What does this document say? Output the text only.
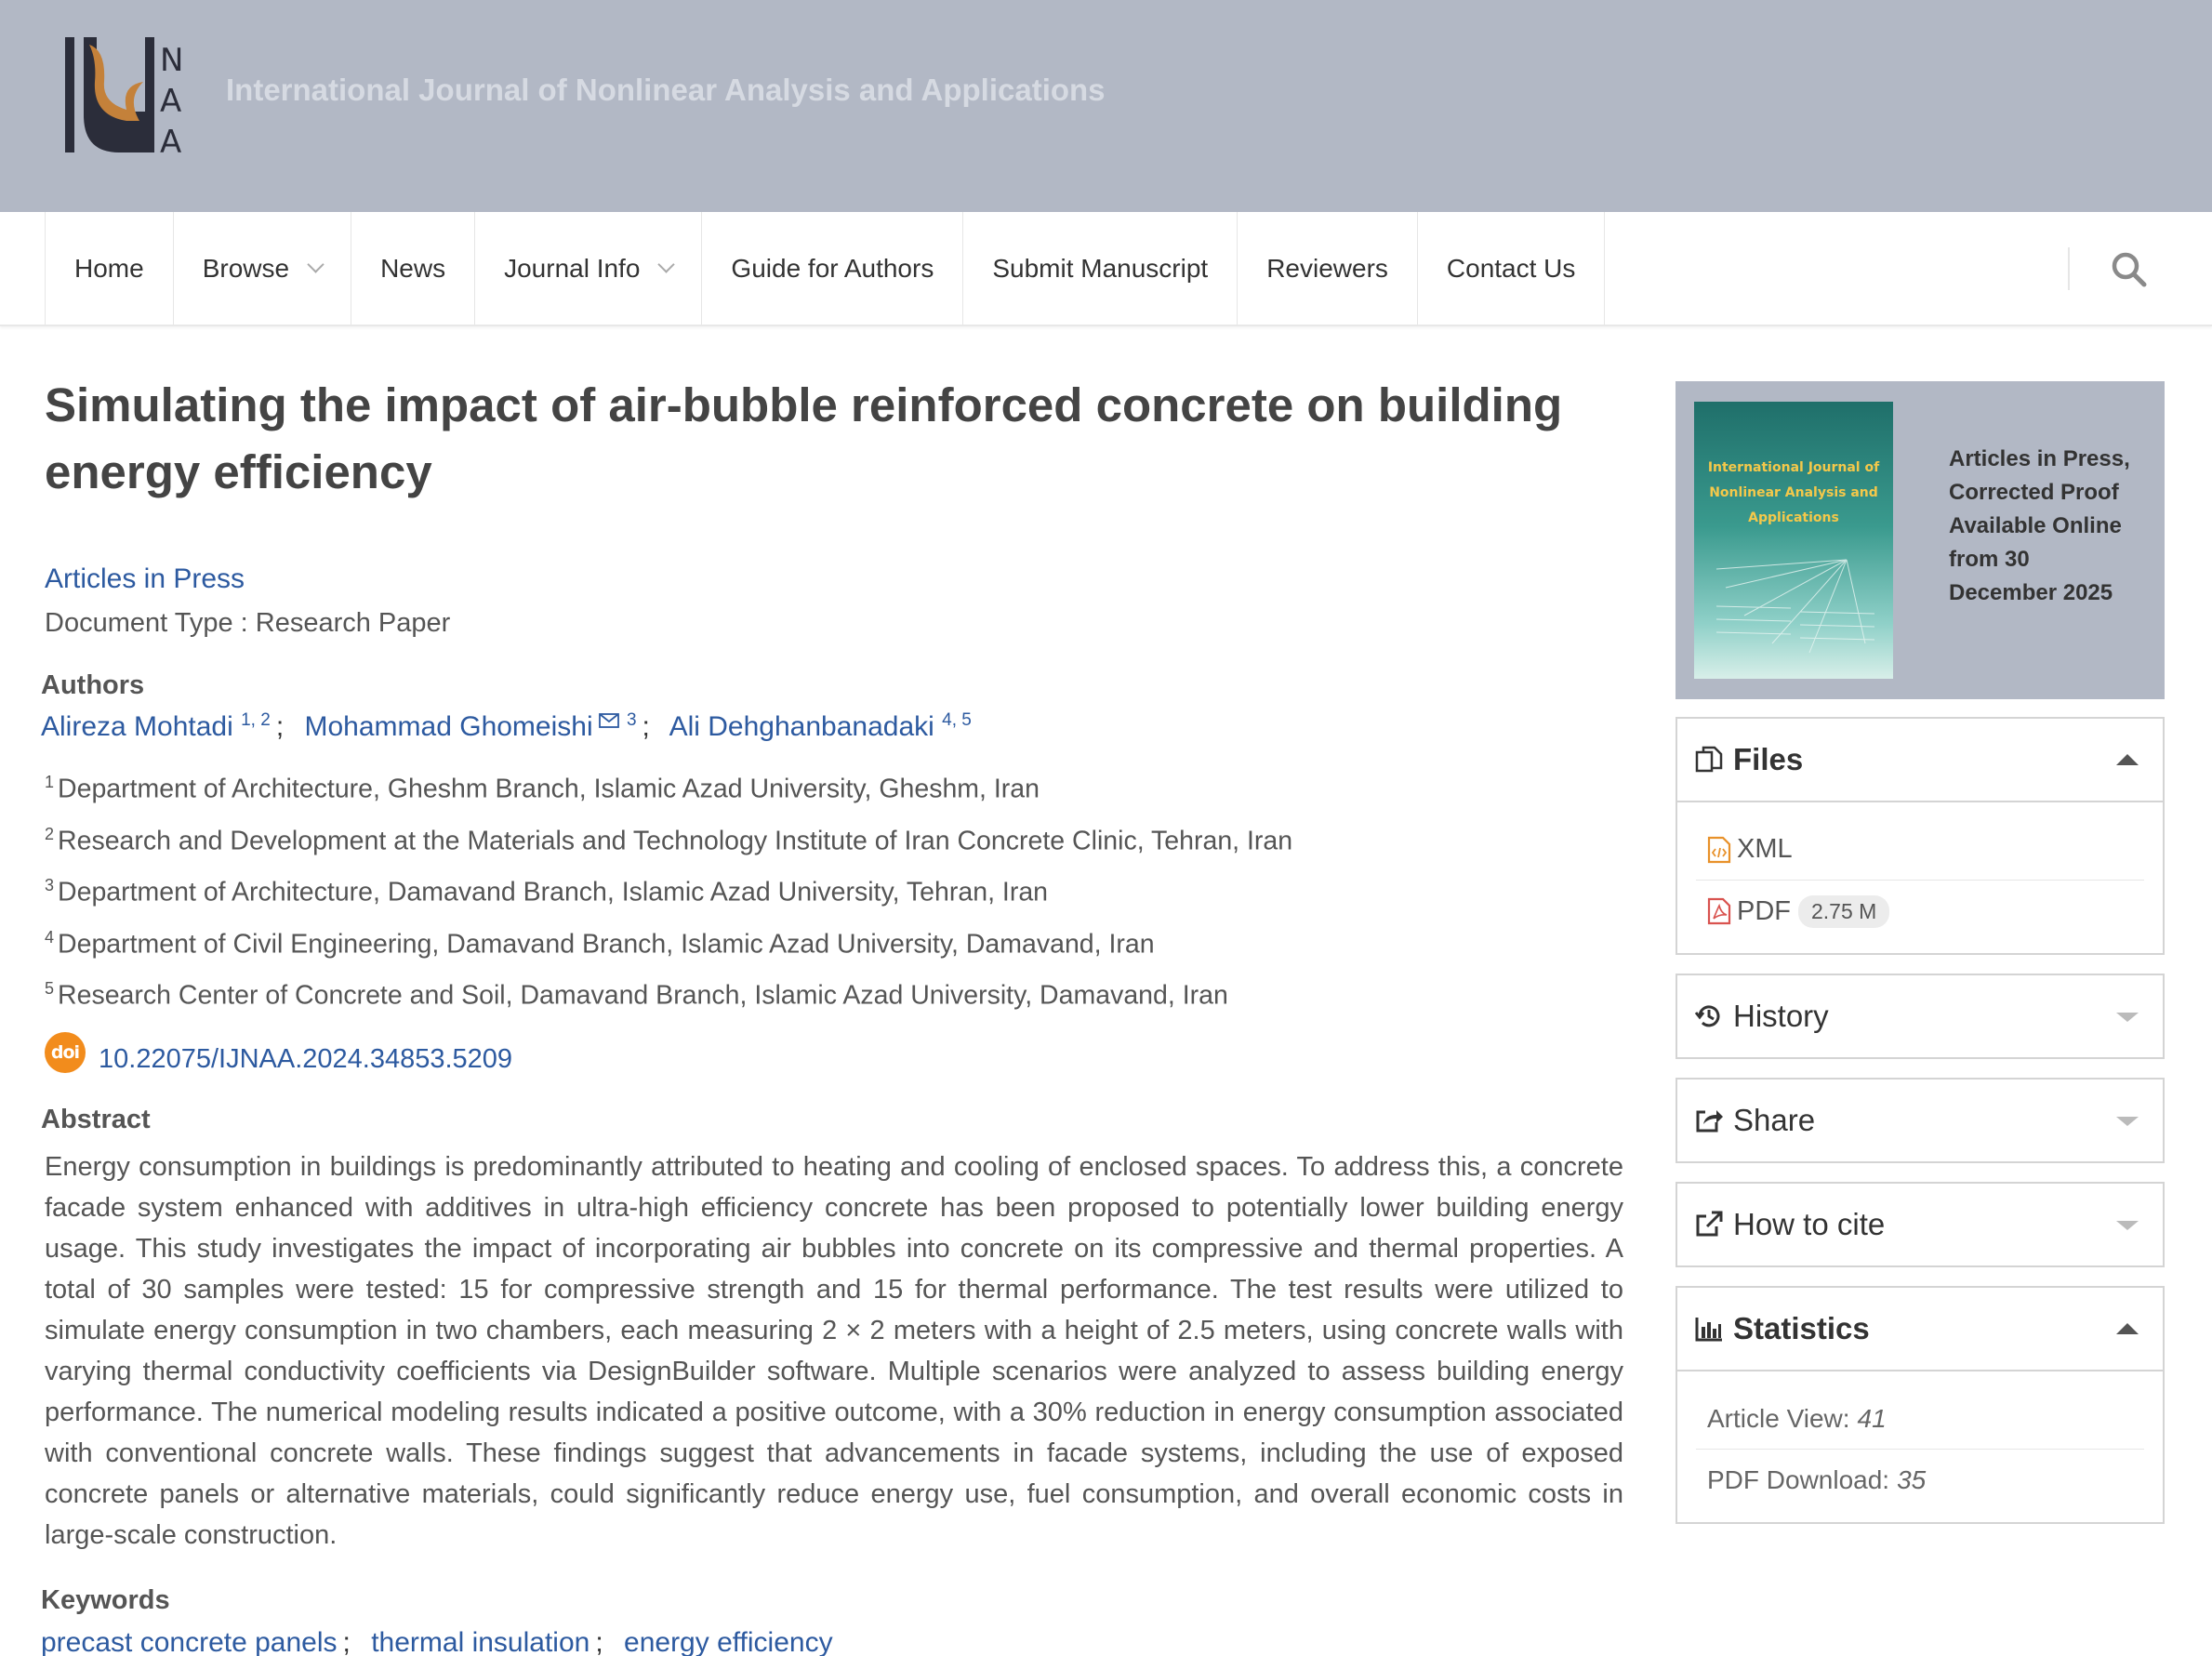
N
A
A
International Journal of Nonlinear Analysis and Applications
Home Browse	News Journal Info	Guide for Authors Submit Manuscript Reviewers Contact Us
Simulating the impact of air-bubble reinforced concrete on building energy efficiency
Articles in Press
Document Type : Research Paper
Authors
Alireza Mohtadi $^{1, 2}$ ; Mohammad Ghomeishi $^3$ ; Ali Dehghanbanadaki $^{4, 5}$
$^1$ Department of Architecture, Gheshm Branch, Islamic Azad University, Gheshm, Iran
$^2$ Research and Development at the Materials and Technology Institute of Iran Concrete Clinic, Tehran, Iran
$^3$ Department of Architecture, Damavand Branch, Islamic Azad University, Tehran, Iran
$^4$ Department of Civil Engineering, Damavand Branch, Islamic Azad University, Damavand, Iran
$^5$ Research Center of Concrete and Soil, Damavand Branch, Islamic Azad University, Damavand, Iran
doi 10.22075/IJNAA.2024.34853.5209
Abstract

Energy consumption in buildings is predominantly attributed to heating and cooling of enclosed spaces. To address this, a concrete facade system enhanced with additives in ultra-high efficiency concrete has been proposed to potentially lower building energy usage. This study investigates the impact of incorporating air bubbles into concrete on its compressive and thermal properties. A total of 30 samples were tested: 15 for compressive strength and 15 for thermal performance. The test results were utilized to simulate energy consumption in two chambers, each measuring 2 × 2 meters with a height of 2.5 meters, using concrete walls with varying thermal conductivity coefficients via DesignBuilder software. Multiple scenarios were analyzed to assess building energy performance. The numerical modeling results indicated a positive outcome, with a 30% reduction in energy consumption associated with conventional concrete walls. These findings suggest that advancements in facade systems, including the use of exposed concrete panels or alternative materials, could significantly reduce energy use, fuel consumption, and overall economic costs in large-scale construction.

Keywords
precast concrete panels ; thermal insulation ; energy efficiency
International Journal of
Nonlinear Analysis and
Applications
Articles in Press,
Corrected Proof
Available Online
from 30
December 2025
Files
XML
PDF 2.75 M
History
Share
How to cite
Statistics
Article View: 41
PDF Download: 35
